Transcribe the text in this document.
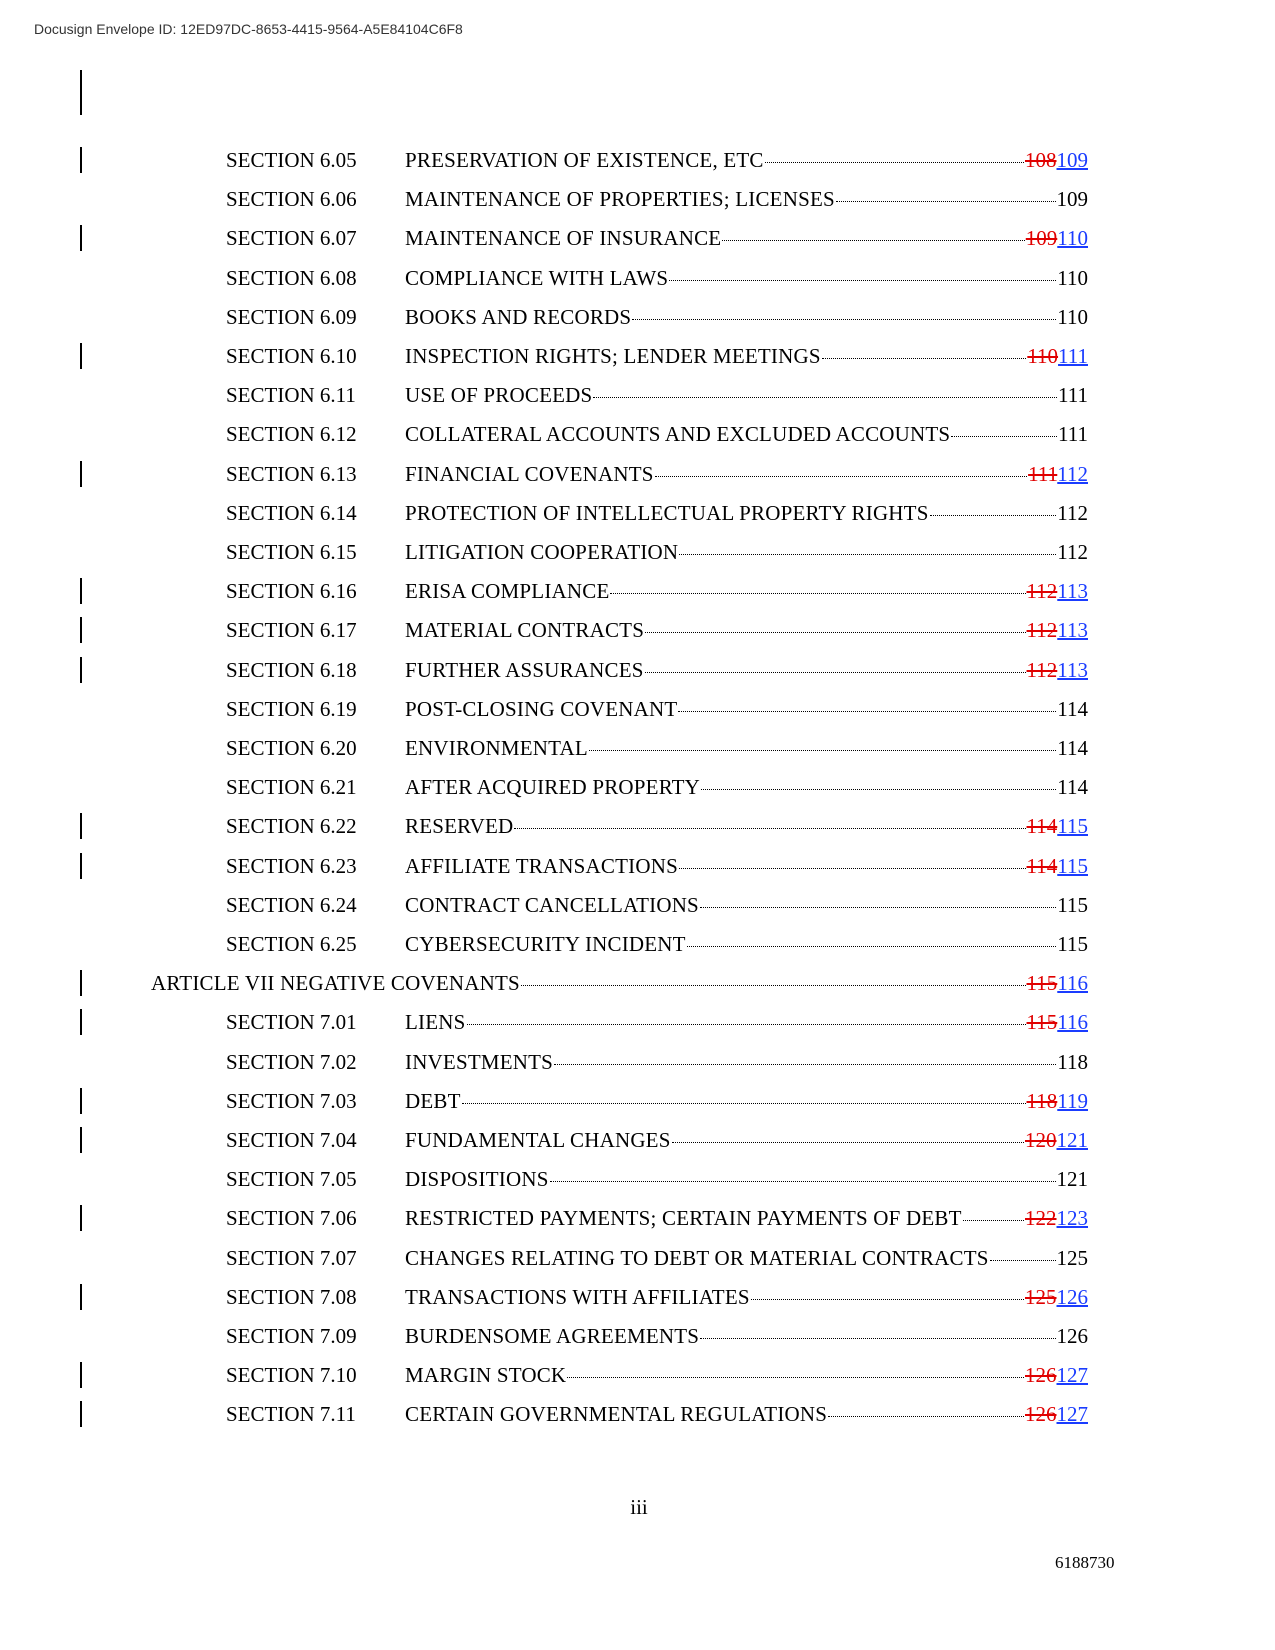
Docusign Envelope ID: 12ED97DC-8653-4415-9564-A5E84104C6F8
SECTION 6.05 PRESERVATION OF EXISTENCE, ETC	108109
SECTION 6.06 MAINTENANCE OF PROPERTIES; LICENSES	109
SECTION 6.07 MAINTENANCE OF INSURANCE	109110
SECTION 6.08 COMPLIANCE WITH LAWS	110
SECTION 6.09 BOOKS AND RECORDS	110
SECTION 6.10 INSPECTION RIGHTS; LENDER MEETINGS	110111
SECTION 6.11 USE OF PROCEEDS	111
SECTION 6.12 COLLATERAL ACCOUNTS AND EXCLUDED ACCOUNTS	111
SECTION 6.13 FINANCIAL COVENANTS	111112
SECTION 6.14 PROTECTION OF INTELLECTUAL PROPERTY RIGHTS	112
SECTION 6.15 LITIGATION COOPERATION	112
SECTION 6.16 ERISA COMPLIANCE	112113
SECTION 6.17 MATERIAL CONTRACTS	112113
SECTION 6.18 FURTHER ASSURANCES	112113
SECTION 6.19 POST-CLOSING COVENANT	114
SECTION 6.20 ENVIRONMENTAL	114
SECTION 6.21 AFTER ACQUIRED PROPERTY	114
SECTION 6.22 RESERVED	114115
SECTION 6.23 AFFILIATE TRANSACTIONS	114115
SECTION 6.24 CONTRACT CANCELLATIONS	115
SECTION 6.25 CYBERSECURITY INCIDENT	115
ARTICLE VII NEGATIVE COVENANTS	115116
SECTION 7.01 LIENS	115116
SECTION 7.02 INVESTMENTS	118
SECTION 7.03 DEBT	118119
SECTION 7.04 FUNDAMENTAL CHANGES	120121
SECTION 7.05 DISPOSITIONS	121
SECTION 7.06 RESTRICTED PAYMENTS; CERTAIN PAYMENTS OF DEBT	122123
SECTION 7.07 CHANGES RELATING TO DEBT OR MATERIAL CONTRACTS	125
SECTION 7.08 TRANSACTIONS WITH AFFILIATES	125126
SECTION 7.09 BURDENSOME AGREEMENTS	126
SECTION 7.10 MARGIN STOCK	126127
SECTION 7.11 CERTAIN GOVERNMENTAL REGULATIONS	126127
iii
6188730
